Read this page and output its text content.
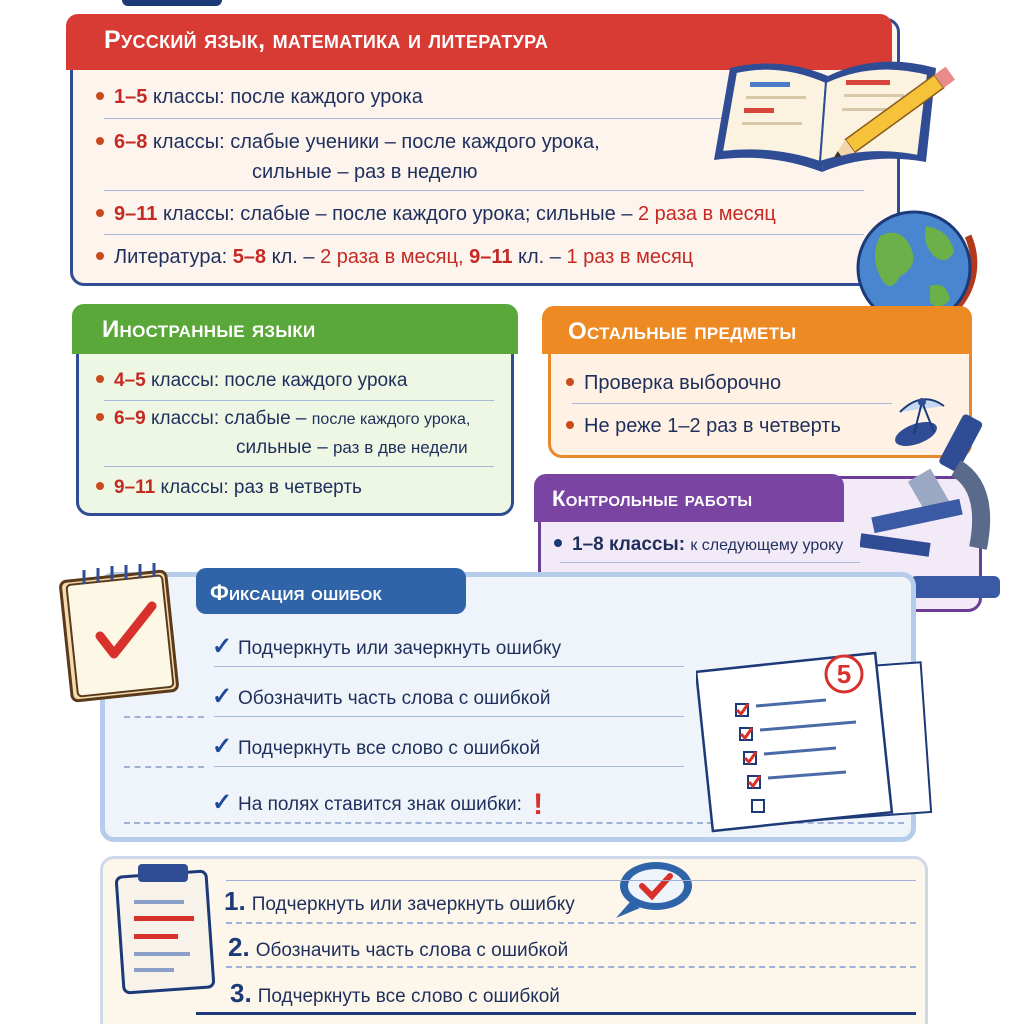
Русский язык, математика и литература
1–5 классы: после каждого урока
6–8 классы: слабые ученики – после каждого урока,
сильные – раз в неделю
9–11 классы: слабые – после каждого урока; сильные – 2 раза в месяц
Литература: 5–8 кл. – 2 раза в месяц, 9–11 кл. – 1 раз в месяц
Иностранные языки
4–5 классы: после каждого урока
6–9 классы: слабые – после каждого урока,
сильные – раз в две недели
9–11 классы: раз в четверть
Остальные предметы
Проверка выборочно
Не реже 1–2 раз в четверть
Контрольные работы
1–8 классы: к следующему уроку
Фиксация ошибок
✓ Подчеркнуть или зачеркнуть ошибку
✓ Обозначить часть слова с ошибкой
✓ Подчеркнуть все слово с ошибкой
✓ На полях ставится знак ошибки: !
5
1. Подчеркнуть или зачеркнуть ошибку
2. Обозначить часть слова с ошибкой
3. Подчеркнуть все слово с ошибкой
